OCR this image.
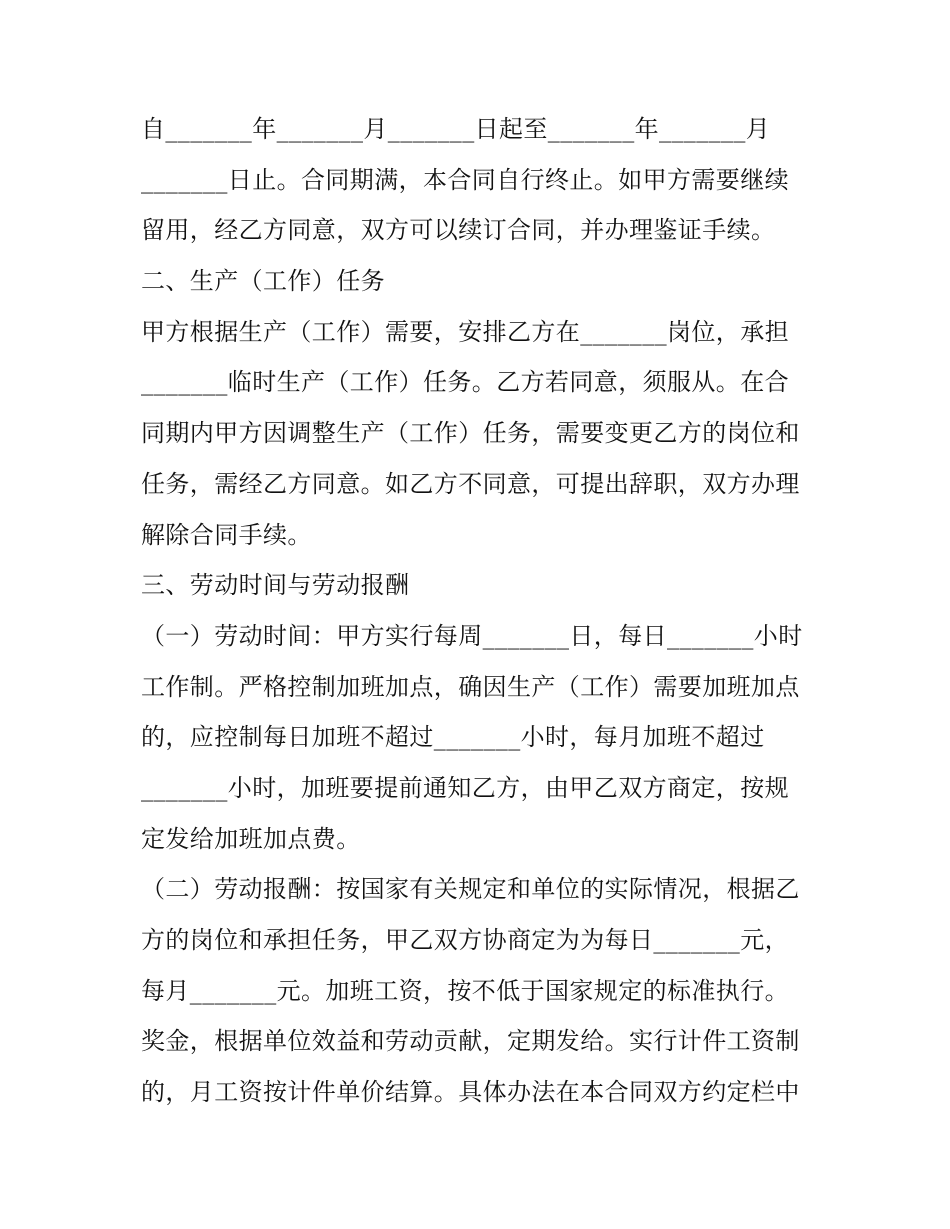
自_______年_______月_______日起至_______年_______月
_______日止。合同期满，本合同自行终止。如甲方需要继续
留用，经乙方同意，双方可以续订合同，并办理鉴证手续。
二、生产（工作）任务
甲方根据生产（工作）需要，安排乙方在_______岗位，承担
_______临时生产（工作）任务。乙方若同意，须服从。在合
同期内甲方因调整生产（工作）任务，需要变更乙方的岗位和
任务，需经乙方同意。如乙方不同意，可提出辞职，双方办理
解除合同手续。
三、劳动时间与劳动报酬
（一）劳动时间：甲方实行每周_______日，每日_______小时
工作制。严格控制加班加点，确因生产（工作）需要加班加点
的，应控制每日加班不超过_______小时，每月加班不超过
_______小时，加班要提前通知乙方，由甲乙双方商定，按规
定发给加班加点费。
（二）劳动报酬：按国家有关规定和单位的实际情况，根据乙
方的岗位和承担任务，甲乙双方协商定为为每日_______元，
每月_______元。加班工资，按不低于国家规定的标准执行。
奖金，根据单位效益和劳动贡献，定期发给。实行计件工资制
的，月工资按计件单价结算。具体办法在本合同双方约定栏中
